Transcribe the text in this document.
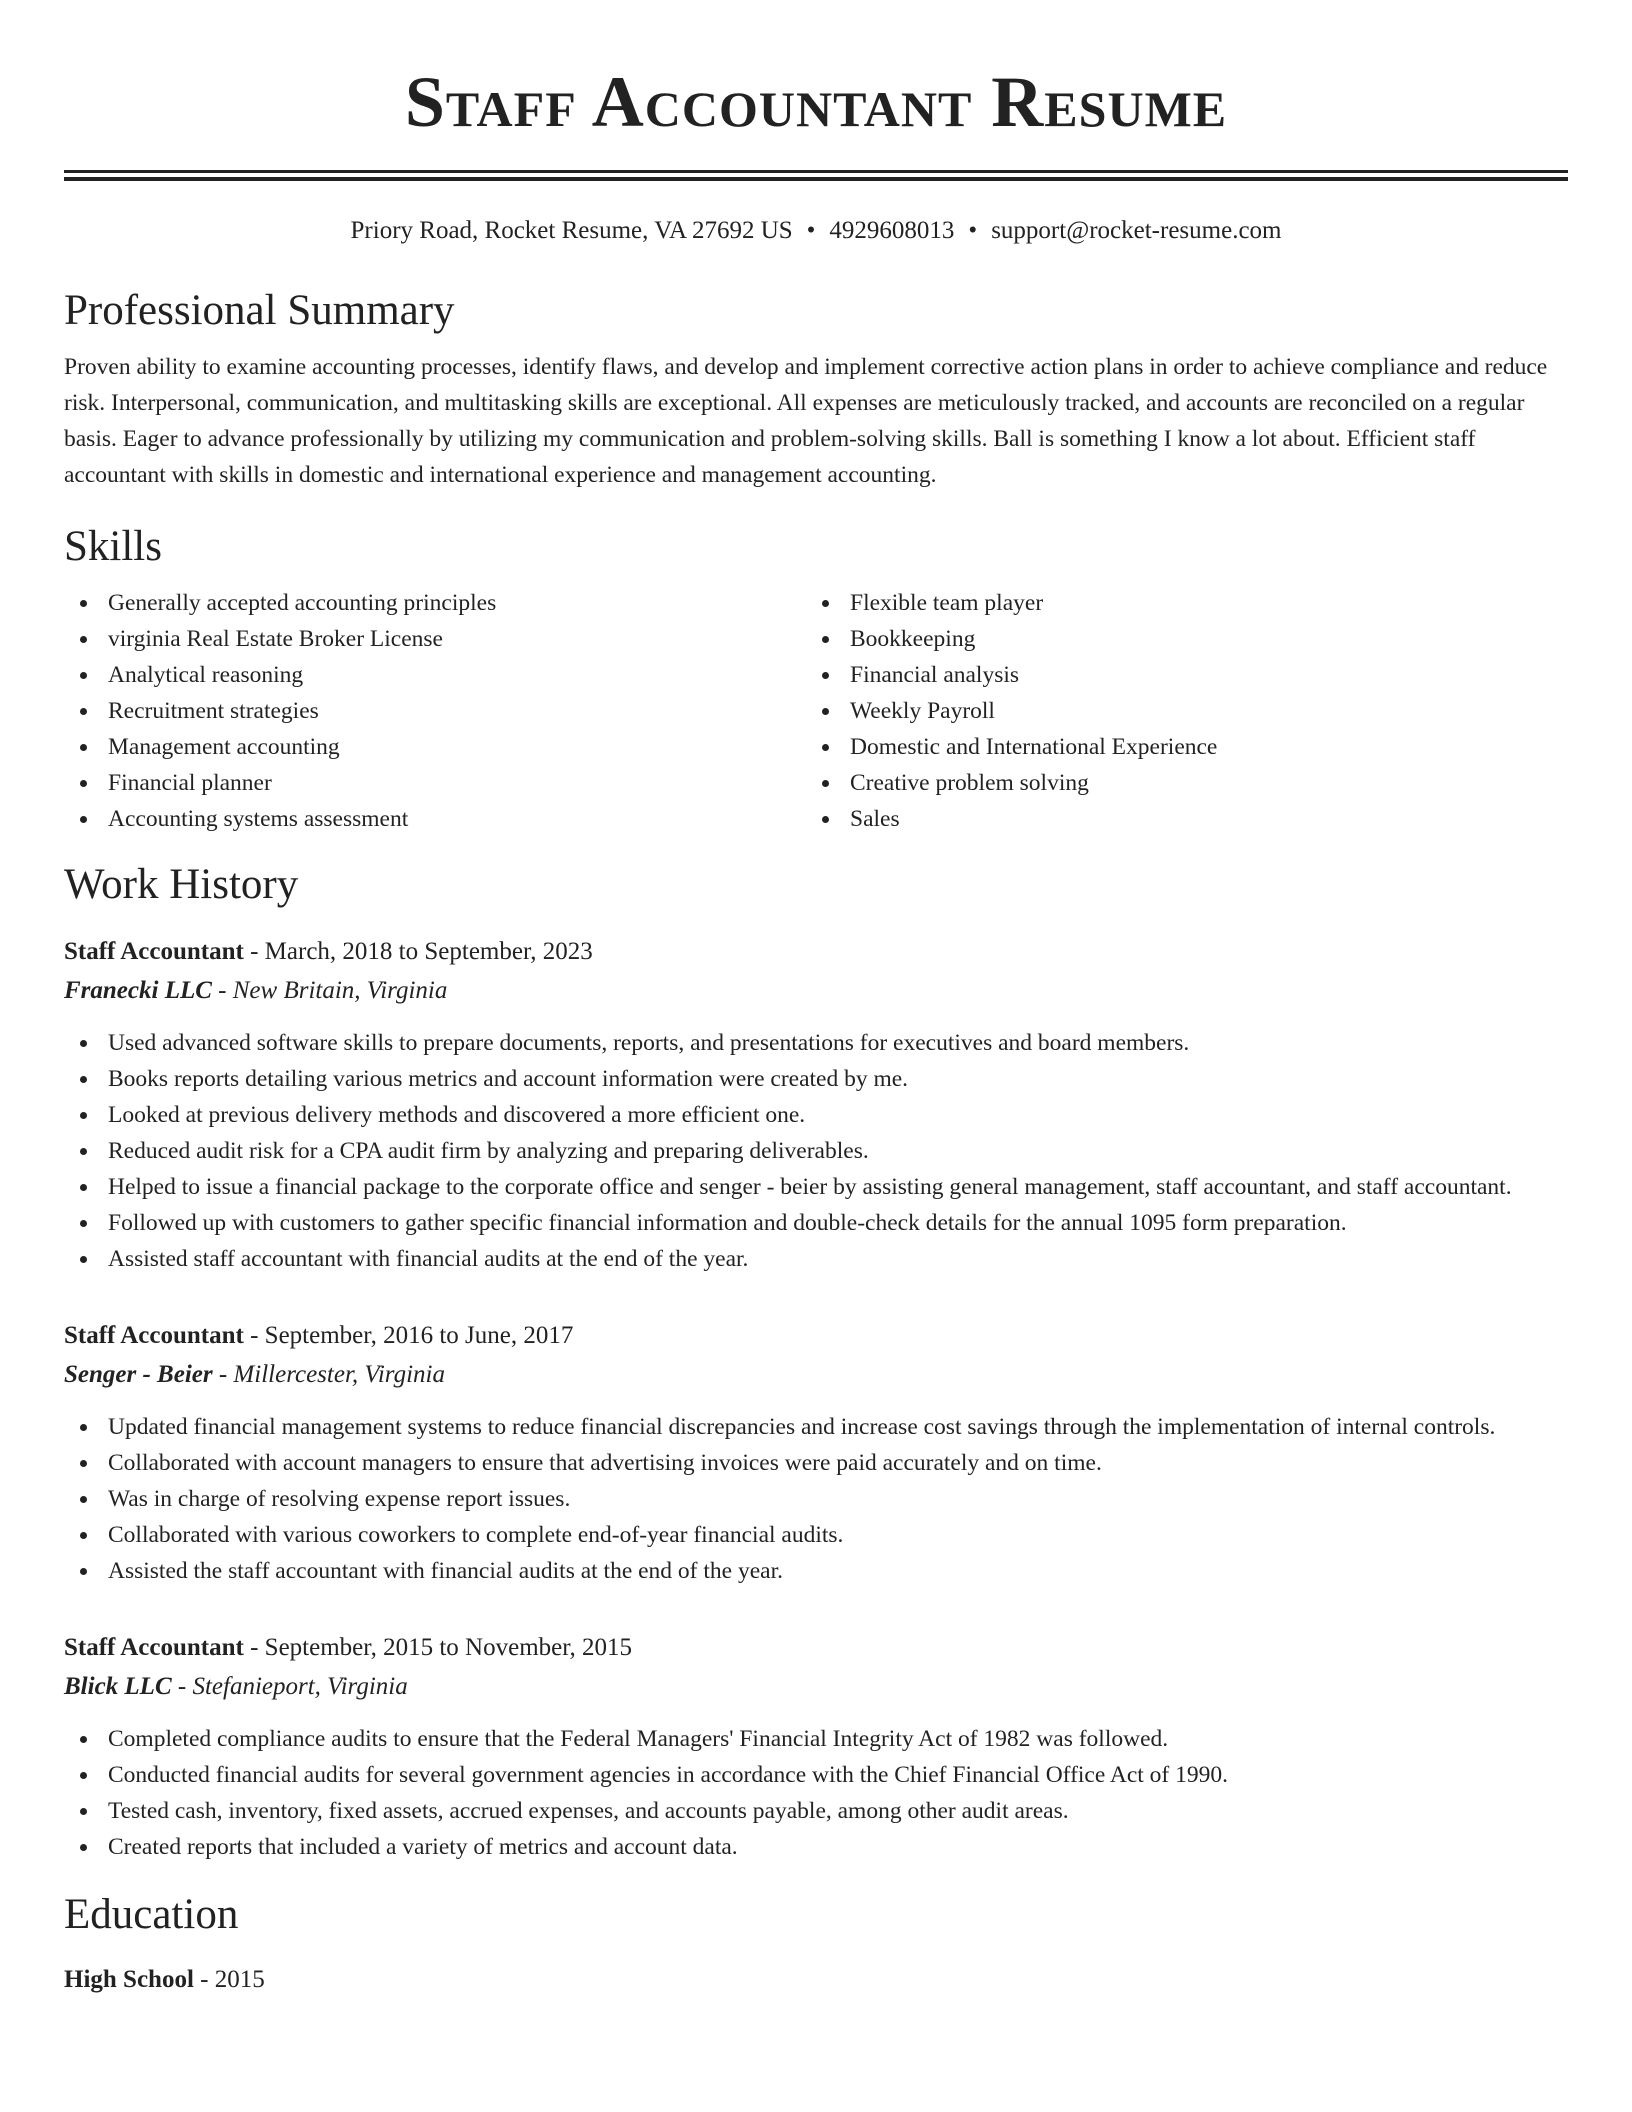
Staff Accountant Resume
Priory Road, Rocket Resume, VA 27692 US • 4929608013 • support@rocket-resume.com
Professional Summary

Proven ability to examine accounting processes, identify flaws, and develop and implement corrective action plans in order to achieve compliance and reduce risk. Interpersonal, communication, and multitasking skills are exceptional. All expenses are meticulously tracked, and accounts are reconciled on a regular basis. Eager to advance professionally by utilizing my communication and problem-solving skills. Ball is something I know a lot about. Efficient staff accountant with skills in domestic and international experience and management accounting.

Skills
Generally accepted accounting principles
virginia Real Estate Broker License
Analytical reasoning
Recruitment strategies
Management accounting
Financial planner
Accounting systems assessment
Flexible team player
Bookkeeping
Financial analysis
Weekly Payroll
Domestic and International Experience
Creative problem solving
Sales
Work History
Staff Accountant - March, 2018 to September, 2023
Franecki LLC - New Britain, Virginia
Used advanced software skills to prepare documents, reports, and presentations for executives and board members.
Books reports detailing various metrics and account information were created by me.
Looked at previous delivery methods and discovered a more efficient one.
Reduced audit risk for a CPA audit firm by analyzing and preparing deliverables.
Helped to issue a financial package to the corporate office and senger - beier by assisting general management, staff accountant, and staff accountant.
Followed up with customers to gather specific financial information and double-check details for the annual 1095 form preparation.
Assisted staff accountant with financial audits at the end of the year.
Staff Accountant - September, 2016 to June, 2017
Senger - Beier - Millercester, Virginia
Updated financial management systems to reduce financial discrepancies and increase cost savings through the implementation of internal controls.
Collaborated with account managers to ensure that advertising invoices were paid accurately and on time.
Was in charge of resolving expense report issues.
Collaborated with various coworkers to complete end-of-year financial audits.
Assisted the staff accountant with financial audits at the end of the year.
Staff Accountant - September, 2015 to November, 2015
Blick LLC - Stefanieport, Virginia
Completed compliance audits to ensure that the Federal Managers' Financial Integrity Act of 1982 was followed.
Conducted financial audits for several government agencies in accordance with the Chief Financial Office Act of 1990.
Tested cash, inventory, fixed assets, accrued expenses, and accounts payable, among other audit areas.
Created reports that included a variety of metrics and account data.
Education
High School - 2015
